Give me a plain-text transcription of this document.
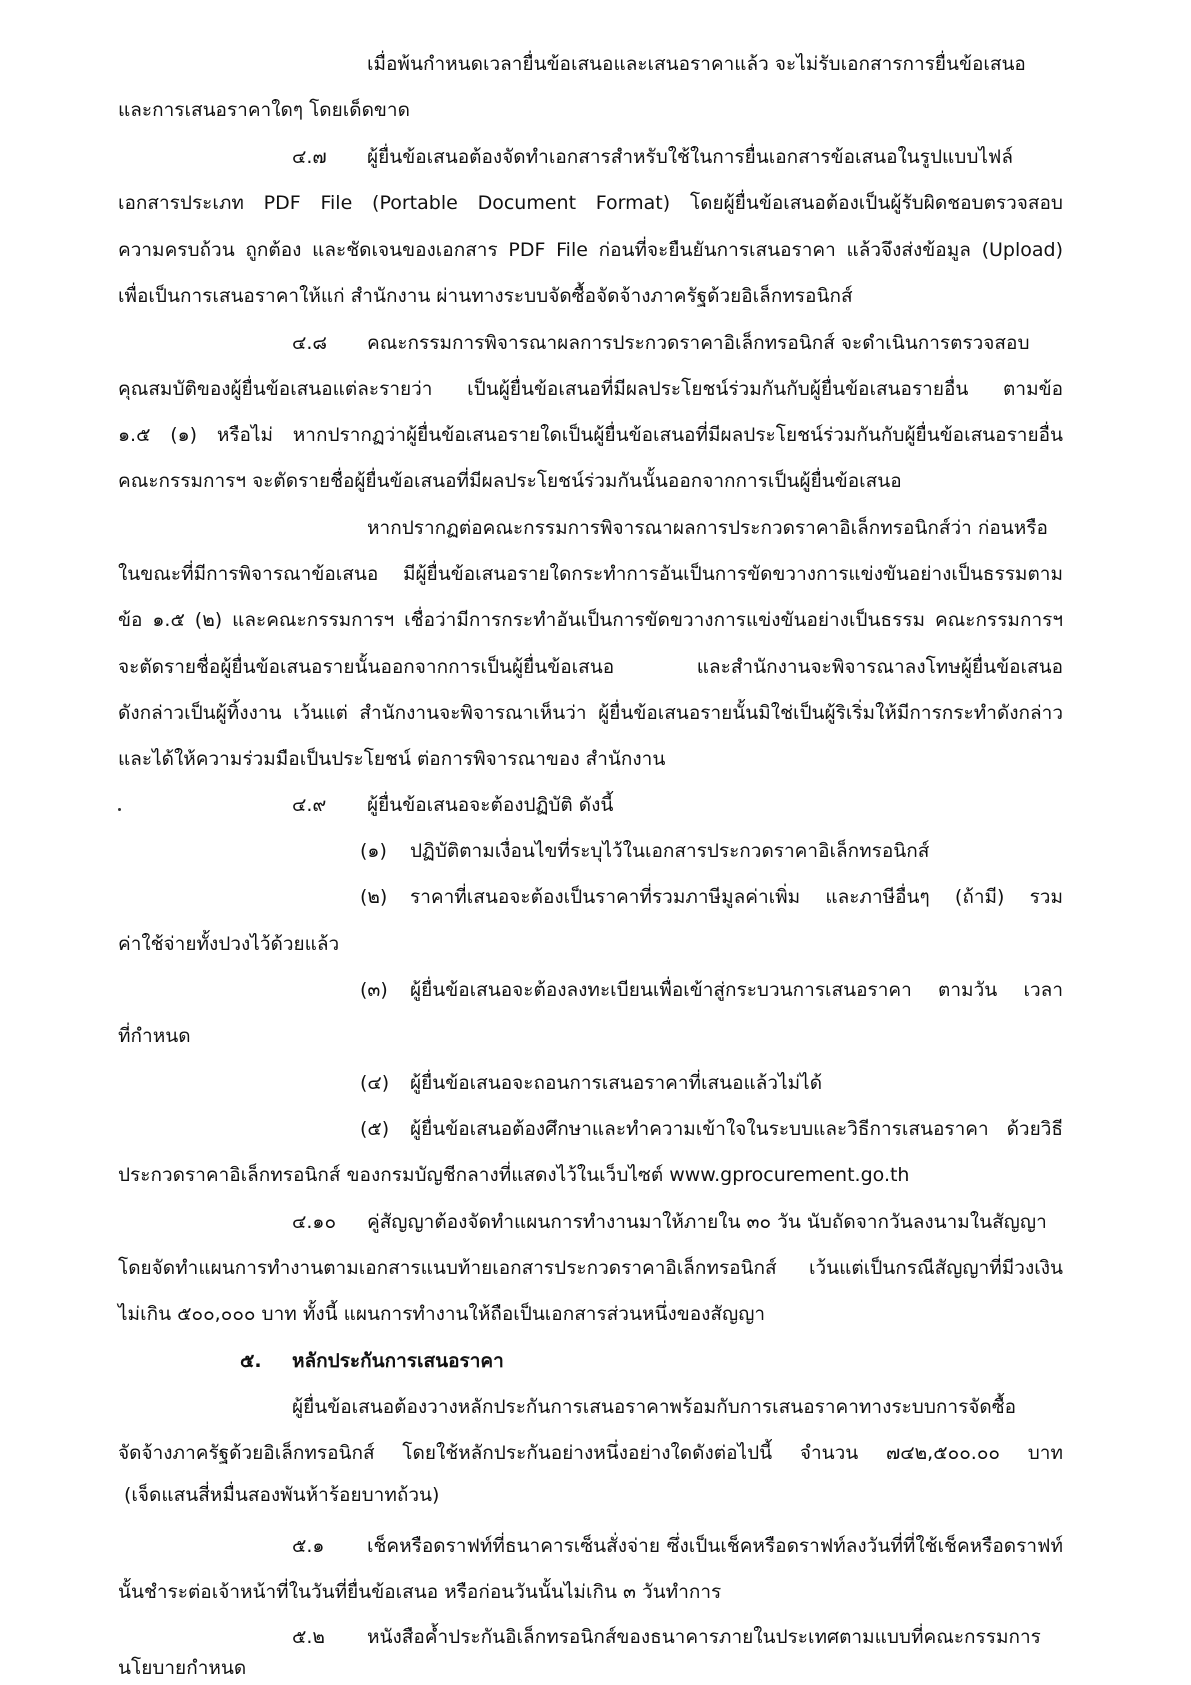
เมื่อพ้นกำหนดเวลายื่นข้อเสนอและเสนอราคาแล้ว จะไม่รับเอกสารการยื่นข้อเสนอ
และการเสนอราคาใดๆ โดยเด็ดขาด
๔.๗ ผู้ยื่นข้อเสนอต้องจัดทำเอกสารสำหรับใช้ในการยื่นเอกสารข้อเสนอในรูปแบบไฟล์
เอกสารประเภท PDF File (Portable Document Format) โดยผู้ยื่นข้อเสนอต้องเป็นผู้รับผิดชอบตรวจสอบ
ความครบถ้วน ถูกต้อง และชัดเจนของเอกสาร PDF File ก่อนที่จะยืนยันการเสนอราคา แล้วจึงส่งข้อมูล (Upload)
เพื่อเป็นการเสนอราคาให้แก่ สำนักงาน ผ่านทางระบบจัดซื้อจัดจ้างภาครัฐด้วยอิเล็กทรอนิกส์
๔.๘ คณะกรรมการพิจารณาผลการประกวดราคาอิเล็กทรอนิกส์ จะดำเนินการตรวจสอบ
คุณสมบัติของผู้ยื่นข้อเสนอแต่ละรายว่า เป็นผู้ยื่นข้อเสนอที่มีผลประโยชน์ร่วมกันกับผู้ยื่นข้อเสนอรายอื่น ตามข้อ
๑.๕ (๑) หรือไม่ หากปรากฏว่าผู้ยื่นข้อเสนอรายใดเป็นผู้ยื่นข้อเสนอที่มีผลประโยชน์ร่วมกันกับผู้ยื่นข้อเสนอรายอื่น
คณะกรรมการฯ จะตัดรายชื่อผู้ยื่นข้อเสนอที่มีผลประโยชน์ร่วมกันนั้นออกจากการเป็นผู้ยื่นข้อเสนอ
หากปรากฏต่อคณะกรรมการพิจารณาผลการประกวดราคาอิเล็กทรอนิกส์ว่า ก่อนหรือ
ในขณะที่มีการพิจารณาข้อเสนอ มีผู้ยื่นข้อเสนอรายใดกระทำการอันเป็นการขัดขวางการแข่งขันอย่างเป็นธรรมตาม
ข้อ ๑.๕ (๒) และคณะกรรมการฯ เชื่อว่ามีการกระทำอันเป็นการขัดขวางการแข่งขันอย่างเป็นธรรม คณะกรรมการฯ
จะตัดรายชื่อผู้ยื่นข้อเสนอรายนั้นออกจากการเป็นผู้ยื่นข้อเสนอ และสำนักงานจะพิจารณาลงโทษผู้ยื่นข้อเสนอ
ดังกล่าวเป็นผู้ทิ้งงาน เว้นแต่ สำนักงานจะพิจารณาเห็นว่า ผู้ยื่นข้อเสนอรายนั้นมิใช่เป็นผู้ริเริ่มให้มีการกระทำดังกล่าว
และได้ให้ความร่วมมือเป็นประโยชน์ ต่อการพิจารณาของ สำนักงาน
๔.๙ ผู้ยื่นข้อเสนอจะต้องปฏิบัติ ดังนี้
(๑) ปฏิบัติตามเงื่อนไขที่ระบุไว้ในเอกสารประกวดราคาอิเล็กทรอนิกส์
(๒) ราคาที่เสนอจะต้องเป็นราคาที่รวมภาษีมูลค่าเพิ่ม และภาษีอื่นๆ (ถ้ามี) รวม
ค่าใช้จ่ายทั้งปวงไว้ด้วยแล้ว
(๓) ผู้ยื่นข้อเสนอจะต้องลงทะเบียนเพื่อเข้าสู่กระบวนการเสนอราคา ตามวัน เวลา
ที่กำหนด
(๔) ผู้ยื่นข้อเสนอจะถอนการเสนอราคาที่เสนอแล้วไม่ได้
(๕) ผู้ยื่นข้อเสนอต้องศึกษาและทำความเข้าใจในระบบและวิธีการเสนอราคา ด้วยวิธี
ประกวดราคาอิเล็กทรอนิกส์ ของกรมบัญชีกลางที่แสดงไว้ในเว็บไซต์ www.gprocurement.go.th
๔.๑๐ คู่สัญญาต้องจัดทำแผนการทำงานมาให้ภายใน ๓๐ วัน นับถัดจากวันลงนามในสัญญา
โดยจัดทำแผนการทำงานตามเอกสารแนบท้ายเอกสารประกวดราคาอิเล็กทรอนิกส์ เว้นแต่เป็นกรณีสัญญาที่มีวงเงิน
ไม่เกิน ๕๐๐,๐๐๐ บาท ทั้งนี้ แผนการทำงานให้ถือเป็นเอกสารส่วนหนึ่งของสัญญา
๕. หลักประกันการเสนอราคา
ผู้ยื่นข้อเสนอต้องวางหลักประกันการเสนอราคาพร้อมกับการเสนอราคาทางระบบการจัดซื้อ
จัดจ้างภาครัฐด้วยอิเล็กทรอนิกส์ โดยใช้หลักประกันอย่างหนึ่งอย่างใดดังต่อไปนี้ จำนวน ๗๔๒,๕๐๐.๐๐ บาท
(เจ็ดแสนสี่หมื่นสองพันห้าร้อยบาทถ้วน)
๕.๑ เช็คหรือดราฟท์ที่ธนาคารเซ็นสั่งจ่าย ซึ่งเป็นเช็คหรือดราฟท์ลงวันที่ที่ใช้เช็คหรือดราฟท์
นั้นชำระต่อเจ้าหน้าที่ในวันที่ยื่นข้อเสนอ หรือก่อนวันนั้นไม่เกิน ๓ วันทำการ
๕.๒ หนังสือค้ำประกันอิเล็กทรอนิกส์ของธนาคารภายในประเทศตามแบบที่คณะกรรมการ
นโยบายกำหนด
